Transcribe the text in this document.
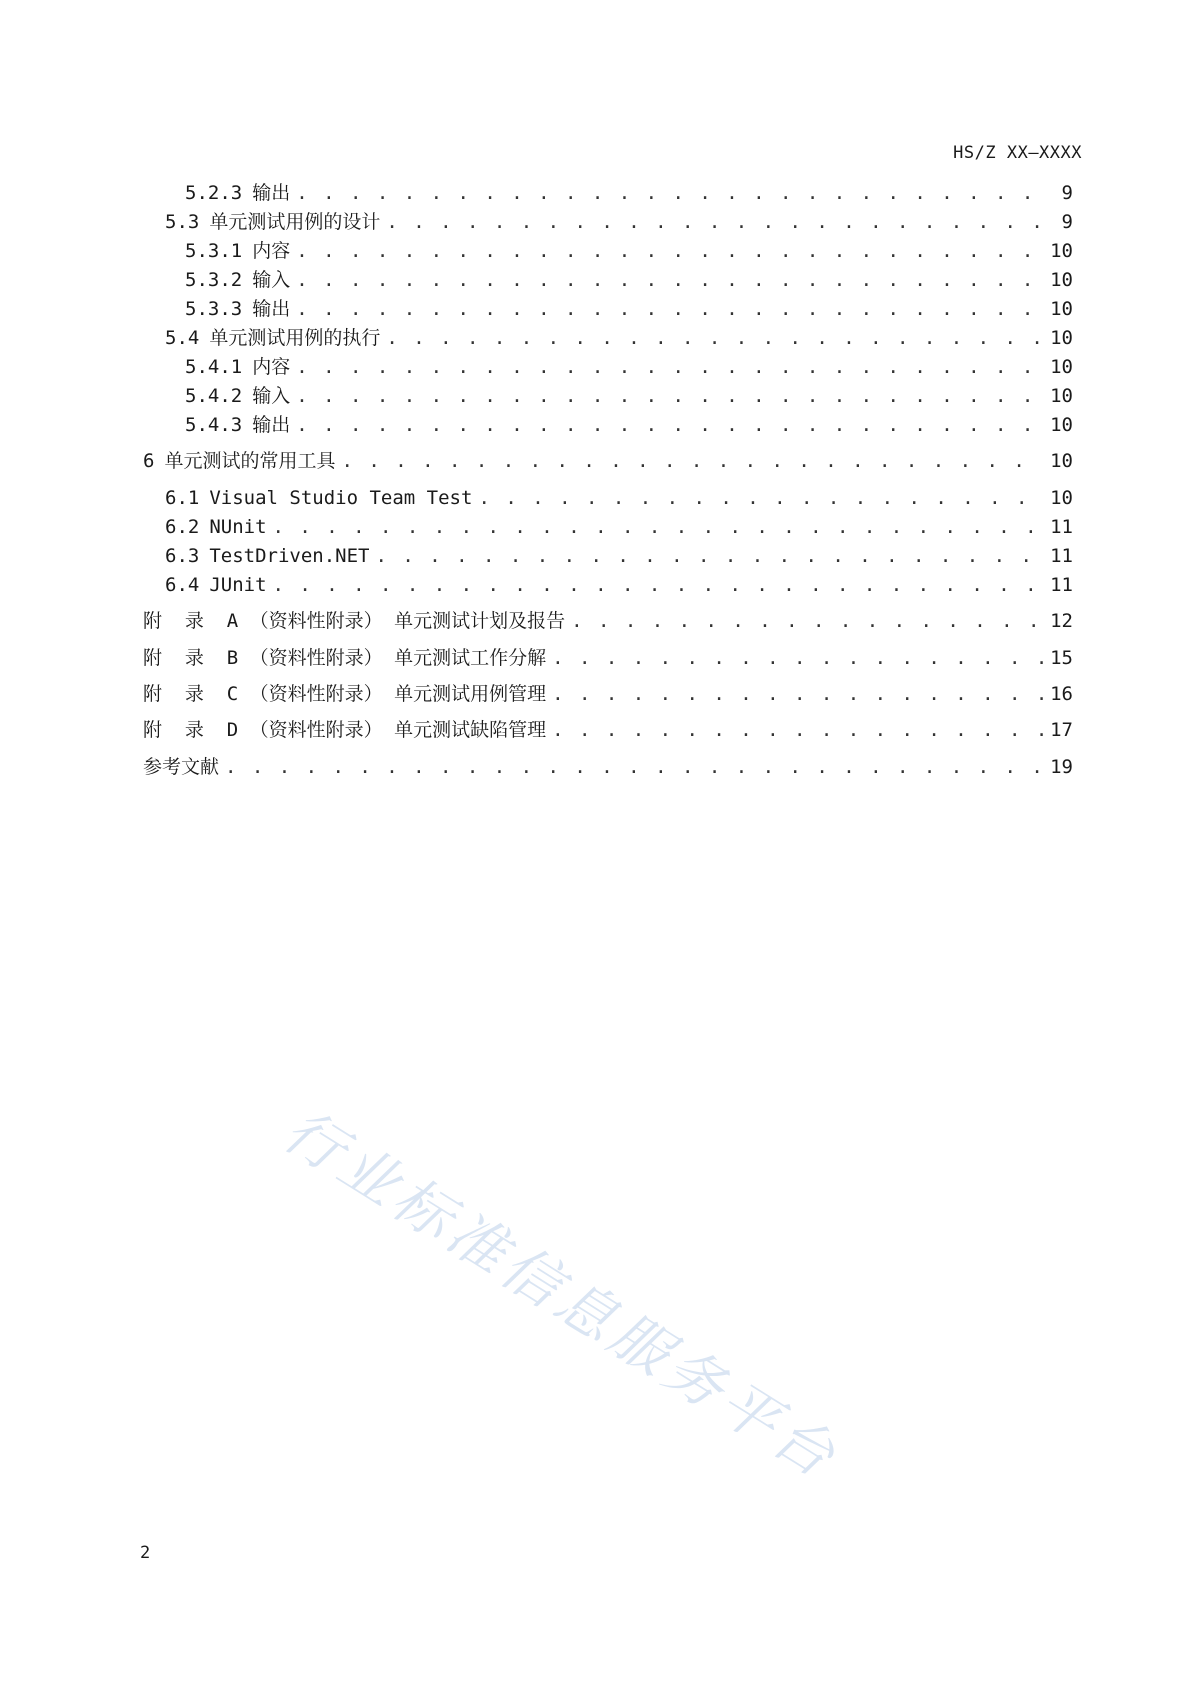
HS/Z XX—XXXX
5.2.3 输出 . . .	9
5.3 单元测试用例的设计 . . .	9
5.3.1 内容 . . .	10
5.3.2 输入 . . .	10
5.3.3 输出 . . .	10
5.4 单元测试用例的执行 . . .	10
5.4.1 内容 . . .	10
5.4.2 输入 . . .	10
5.4.3 输出 . . .	10
6 单元测试的常用工具 . . .	10
6.1 Visual Studio Team Test . . .	10
6.2 NUnit . . .	11
6.3 TestDriven.NET . . .	11
6.4 JUnit . . .	11
附  录  A （资料性附录） 单元测试计划及报告 . . .	12
附  录  B （资料性附录） 单元测试工作分解 . . .	15
附  录  C （资料性附录） 单元测试用例管理 . . .	16
附  录  D （资料性附录） 单元测试缺陷管理 . . .	17
参考文献 . . .	19
行业标准信息服务平台
2
